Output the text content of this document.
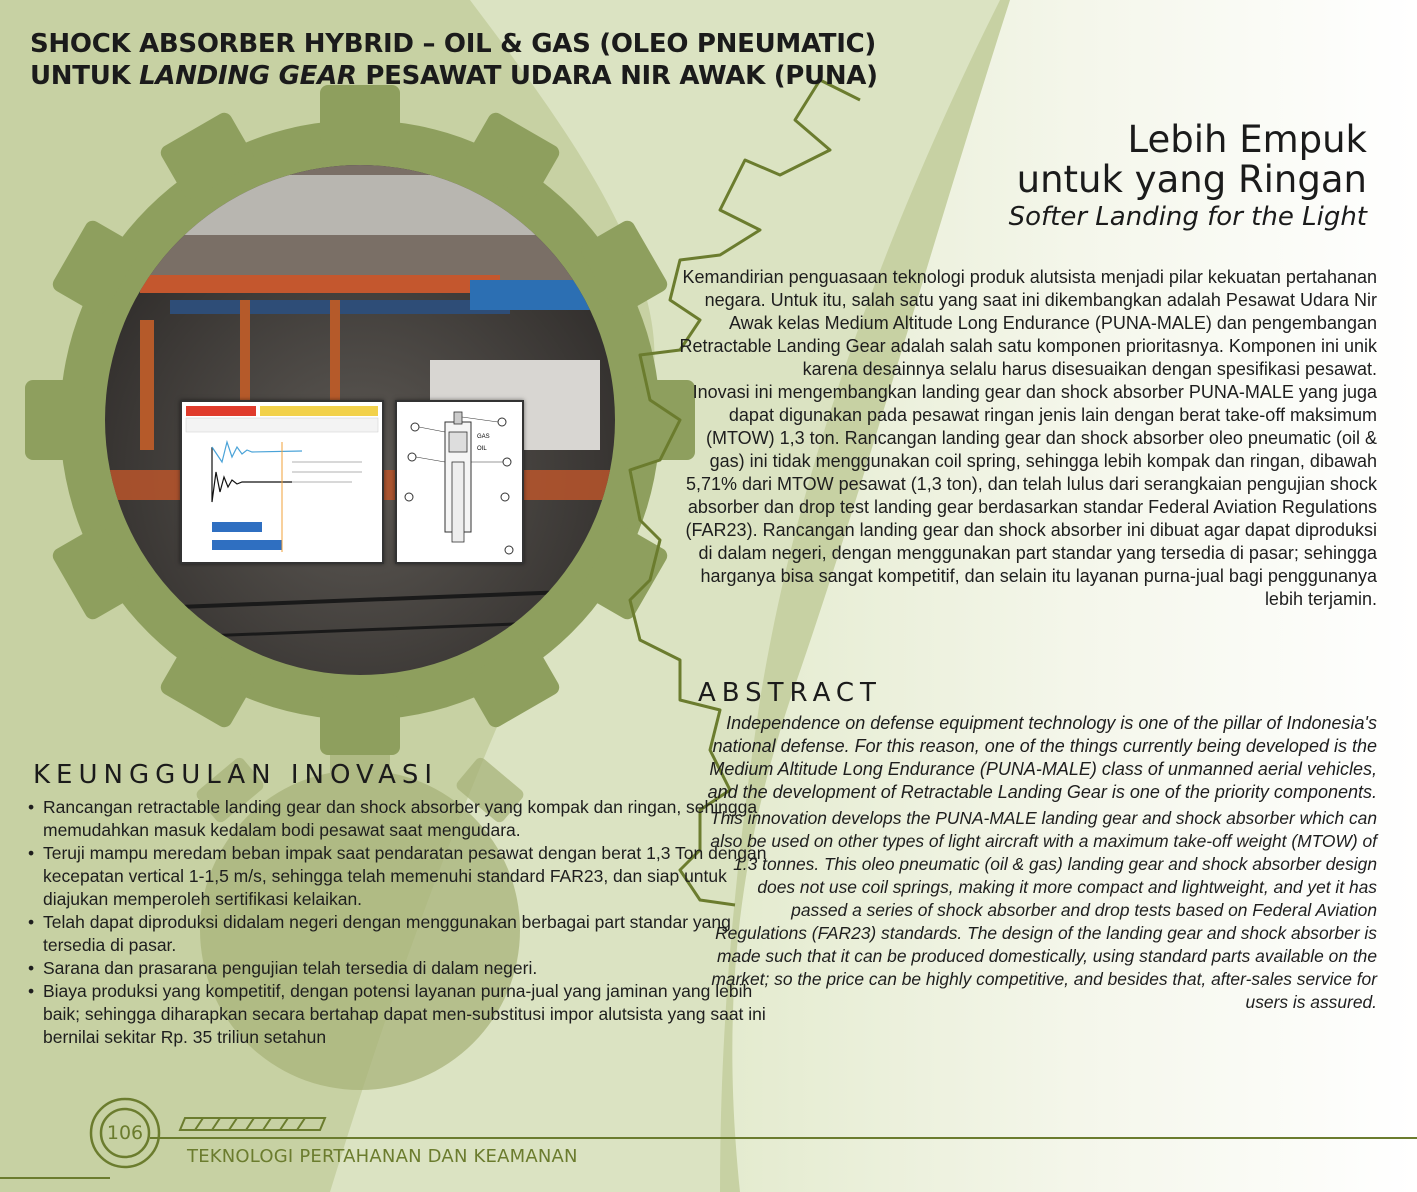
SHOCK ABSORBER HYBRID – OIL & GAS (OLEO PNEUMATIC)
UNTUK LANDING GEAR PESAWAT UDARA NIR AWAK (PUNA)
Lebih Empuk
untuk yang Ringan
Softer Landing for the Light
GAS
OIL

Kemandirian penguasaan teknologi produk alutsista menjadi pilar kekuatan pertahanan negara. Untuk itu, salah satu yang saat ini dikembangkan adalah Pesawat Udara Nir Awak kelas Medium Altitude Long Endurance (PUNA-MALE) dan pengembangan Retractable Landing Gear adalah salah satu komponen prioritasnya. Komponen ini unik karena desainnya selalu harus disesuaikan dengan spesifikasi pesawat.

Inovasi ini mengembangkan landing gear dan shock absorber PUNA-MALE yang juga dapat digunakan pada pesawat ringan jenis lain dengan berat take-off maksimum (MTOW) 1,3 ton. Rancangan landing gear dan shock absorber oleo pneumatic (oil & gas) ini tidak menggunakan coil spring, sehingga lebih kompak dan ringan, dibawah 5,71% dari MTOW pesawat (1,3 ton), dan telah lulus dari serangkaian pengujian shock absorber dan drop test landing gear berdasarkan standar Federal Aviation Regulations (FAR23). Rancangan landing gear dan shock absorber ini dibuat agar dapat diproduksi di dalam negeri, dengan menggunakan part standar yang tersedia di pasar; sehingga harganya bisa sangat kompetitif, dan selain itu layanan purna-jual bagi penggunanya lebih terjamin.

ABSTRACT

Independence on defense equipment technology is one of the pillar of Indonesia's national defense. For this reason, one of the things currently being developed is the Medium Altitude Long Endurance (PUNA-MALE) class of unmanned aerial vehicles, and the development of Retractable Landing Gear is one of the priority components.

This innovation develops the PUNA-MALE landing gear and shock absorber which can also be used on other types of light aircraft with a maximum take-off weight (MTOW) of 1.3 tonnes. This oleo pneumatic (oil & gas) landing gear and shock absorber design does not use coil springs, making it more compact and lightweight, and yet it has passed a series of shock absorber and drop tests based on Federal Aviation Regulations (FAR23) standards. The design of the landing gear and shock absorber is made such that it can be produced domestically, using standard parts available on the market; so the price can be highly competitive, and besides that, after-sales service for users is assured.

KEUNGGULAN INOVASI
• Rancangan retractable landing gear dan shock absorber yang kompak dan ringan, sehingga memudahkan masuk kedalam bodi pesawat saat mengudara.
• Teruji mampu meredam beban impak saat pendaratan pesawat dengan berat 1,3 Ton dengan kecepatan vertical 1-1,5 m/s, sehingga telah memenuhi standard FAR23, dan siap untuk diajukan memperoleh sertifikasi kelaikan.
• Telah dapat diproduksi didalam negeri dengan menggunakan berbagai part standar yang tersedia di pasar.
• Sarana dan prasarana pengujian telah tersedia di dalam negeri.
• Biaya produksi yang kompetitif, dengan potensi layanan purna-jual yang jaminan yang lebih baik; sehingga diharapkan secara bertahap dapat men-substitusi impor alutsista yang saat ini bernilai sekitar Rp. 35 triliun setahun
106

TEKNOLOGI PERTAHANAN DAN KEAMANAN
